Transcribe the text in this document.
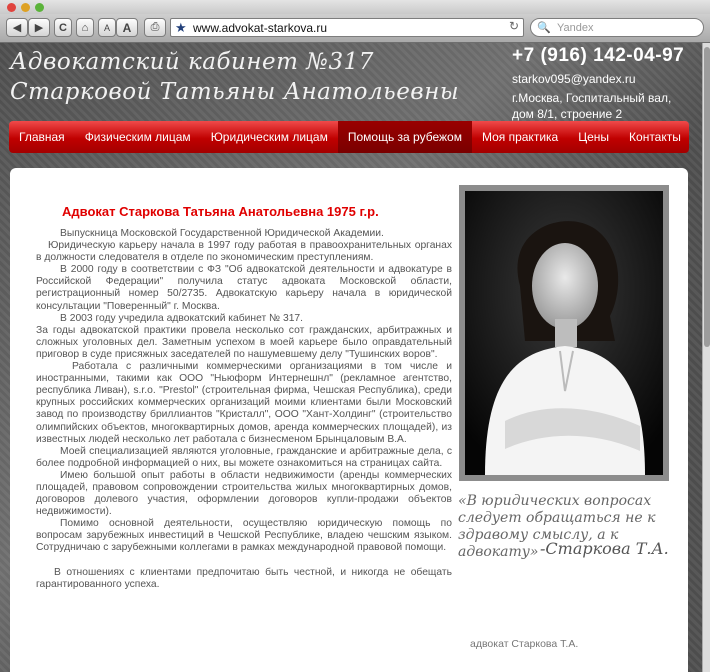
◀ ▶ C ⌂ A A ⎙ ★ www.advokat-starkova.ru	↻ 🔍 Yandex
Адвокатский кабинет №317
Старковой Татьяны Анатольевны
+7 (916) 142-04-97
starkov095@yandex.ru
г.Москва, Госпитальный вал,
дом 8/1, строение 2
Главная	Физическим лицам	Юридическим лицам	Помощь за рубежом	Моя практика	Цены	Контакты
Адвокат Старкова Татьяна Анатольевна 1975 г.р.

Выпускница Московской Государственной Юридической Академии.

Юридическую карьеру начала в 1997 году работая в правоохранительных органах в должности следователя в отделе по экономическим преступлениям.

В 2000 году в соответствии с ФЗ "Об адвокатской деятельности и адвокатуре в Российской Федерации" получила статус адвоката Московской области, регистрационный номер 50/2735. Адвокатскую карьеру начала в юридической консультации "Поверенный" г. Москва.

В 2003 году учредила адвокатский кабинет № 317.

За годы адвокатской практики провела несколько сот гражданских, арбитражных и сложных уголовных дел. Заметным успехом в моей карьере было оправдательный приговор в суде присяжных заседателей по нашумевшему делу "Тушинских воров".

Работала с различными коммерческими организациями в том числе и иностранными, такими как ООО "Ньюформ Интернешнл" (рекламное агентство, республика Ливан), s.r.o. "Prestol" (строительная фирма, Чешская Республика), среди крупных российских коммерческих организаций моими клиентами были Московский завод по производству бриллиантов "Кристалл", ООО "Хант-Холдинг" (строительство олимпийских объектов, многоквартирных домов, аренда коммерческих площадей), из известных людей несколько лет работала с бизнесменом Брынцаловым В.А.

Моей специализацией являются уголовные, гражданские и арбитражные дела, с более подробной информацией о них, вы можете ознакомиться на страницах сайта.

Имею большой опыт работы в области недвижимости (аренды коммерческих площадей, правовом сопровождении строительства жилых многоквартирных домов, договоров долевого участия, оформлении договоров купли-продажи объектов недвижимости).

Помимо основной деятельности, осуществляю юридическую помощь по вопросам зарубежных инвестиций в Чешской Республике, владею чешским языком. Сотрудничаю с зарубежными коллегами в рамках международной правовой помощи.

В отношениях с клиентами предпочитаю быть честной, и никогда не обещать гарантированного успеха.

«В юридических вопросах следует обращаться не к здравому смыслу, а к адвокату» -Старкова Т.А.
адвокат Старкова Т.А.
